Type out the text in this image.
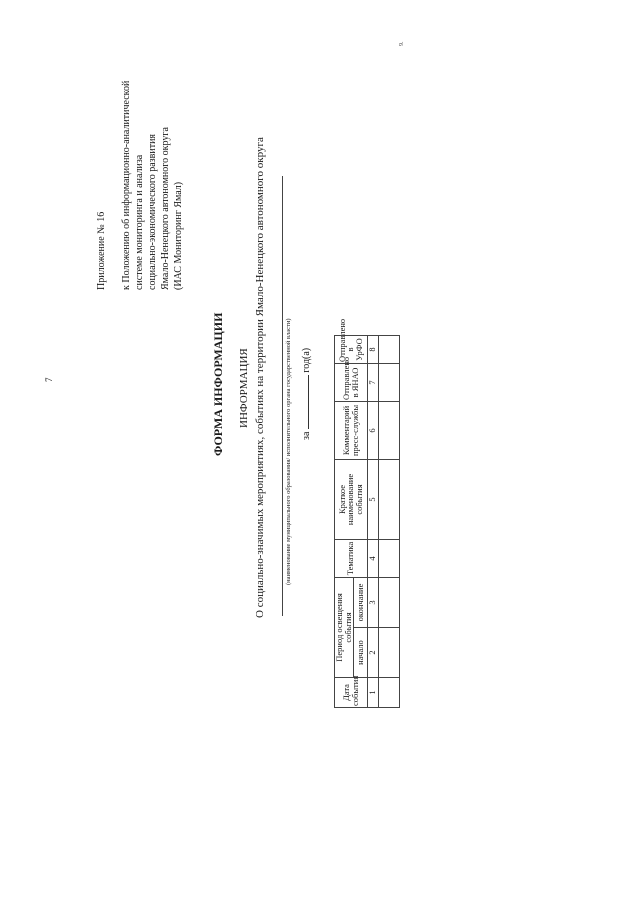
7
Приложение № 16 к Положению об информационно-аналитической системе мониторинга и анализа социально-экономического развития Ямало-Ненецкого автономного округа (ИАС Мониторинг Ямал)
ФОРМА ИНФОРМАЦИИ ИНФОРМАЦИЯ О социально-значимых мероприятиях, событиях на территории Ямало-Ненецкого автономного округа	(наименование муниципального образования/ исполнительного органа государственной власти) за  год(а)
Дата события	Период освещения события		Тематика	Краткое наименование события	Комментарий пресс-службы	Отправлено в ЯНАО	Отправлено в УрФО
	начало	окончание					
1	2	3	4	5	6	7	8

9.
